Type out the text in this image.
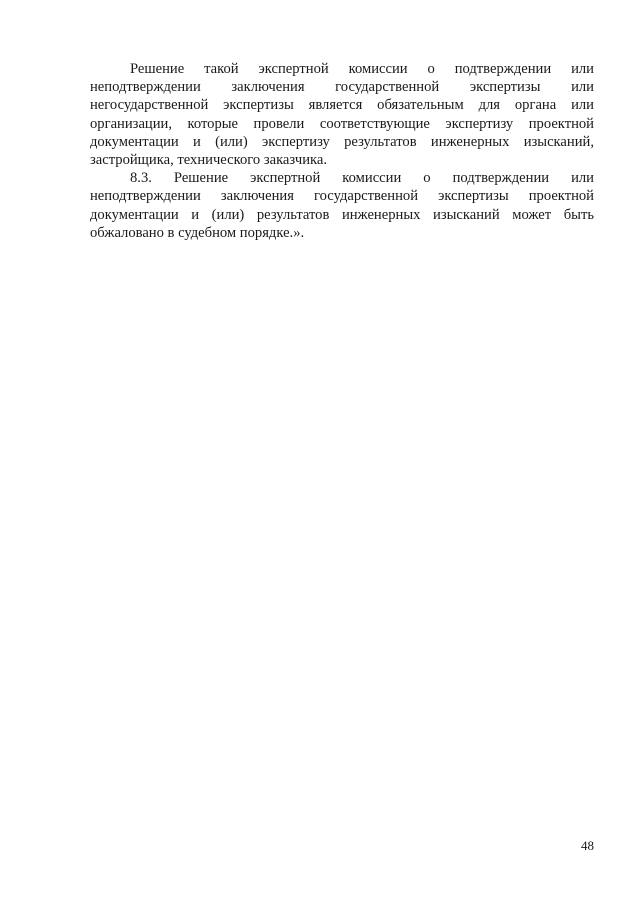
Решение такой экспертной комиссии о подтверждении или неподтверждении заключения государственной экспертизы или негосударственной экспертизы является обязательным для органа или организации, которые провели соответствующие экспертизу проектной документации и (или) экспертизу результатов инженерных изысканий, застройщика, технического заказчика.

8.3. Решение экспертной комиссии о подтверждении или неподтверждении заключения государственной экспертизы проектной документации и (или) результатов инженерных изысканий может быть обжаловано в судебном порядке.».

48
